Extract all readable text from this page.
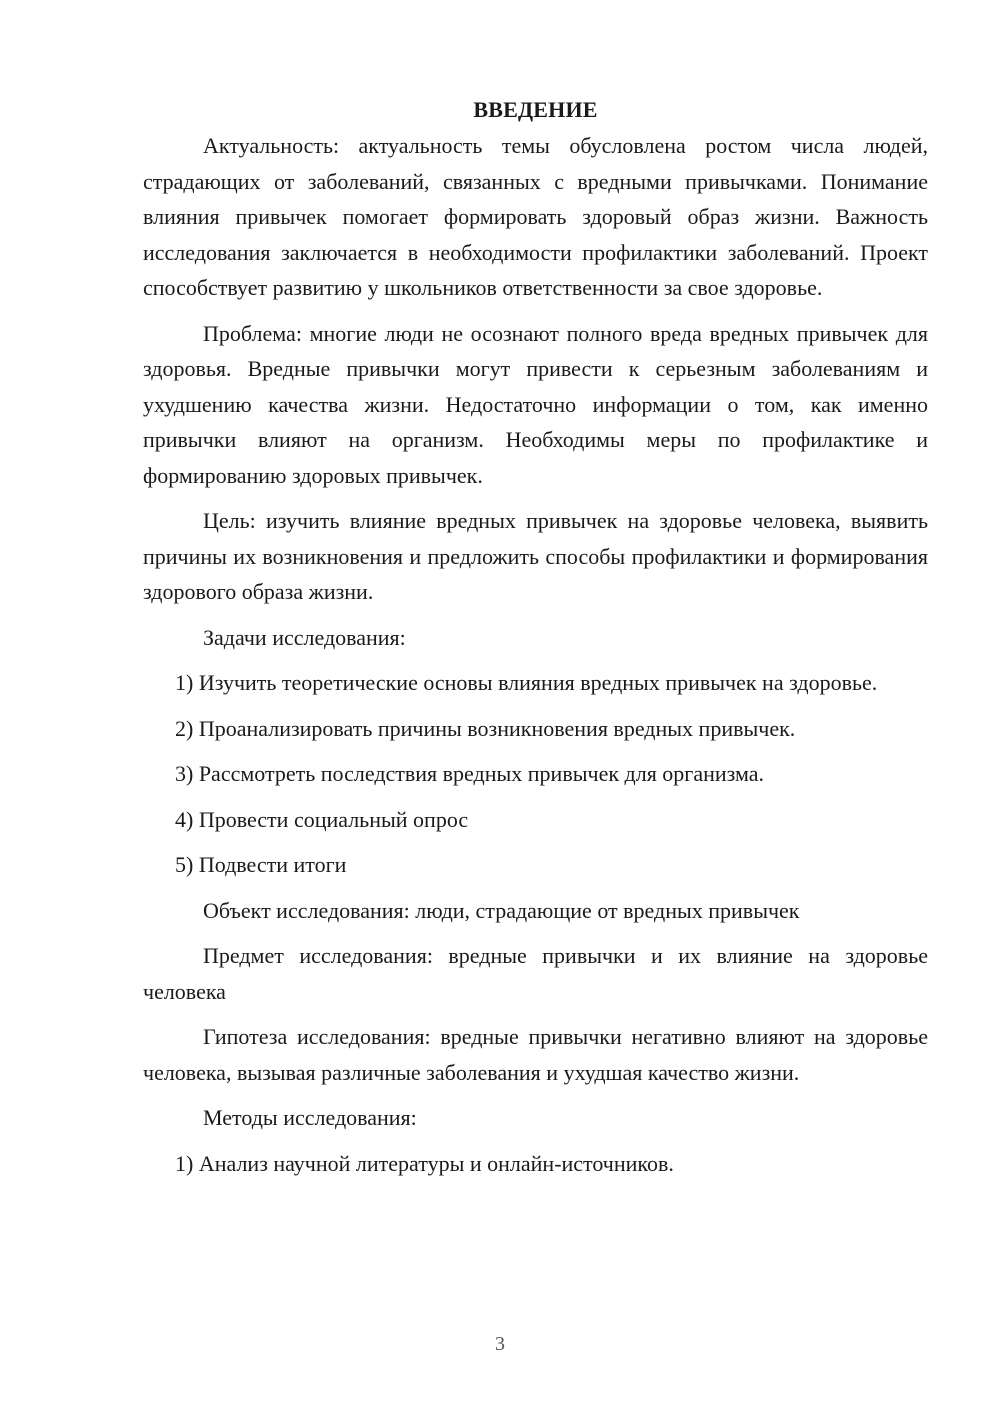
ВВЕДЕНИЕ

Актуальность: актуальность темы обусловлена ростом числа людей, страдающих от заболеваний, связанных с вредными привычками. Понимание влияния привычек помогает формировать здоровый образ жизни. Важность исследования заключается в необходимости профилактики заболеваний. Проект способствует развитию у школьников ответственности за свое здоровье.

Проблема: многие люди не осознают полного вреда вредных привычек для здоровья. Вредные привычки могут привести к серьезным заболеваниям и ухудшению качества жизни. Недостаточно информации о том, как именно привычки влияют на организм. Необходимы меры по профилактике и формированию здоровых привычек.

Цель: изучить влияние вредных привычек на здоровье человека, выявить причины их возникновения и предложить способы профилактики и формирования здорового образа жизни.

Задачи исследования:

1) Изучить теоретические основы влияния вредных привычек на здоровье.

2) Проанализировать причины возникновения вредных привычек.

3) Рассмотреть последствия вредных привычек для организма.

4) Провести социальный опрос

5) Подвести итоги

Объект исследования: люди, страдающие от вредных привычек

Предмет исследования: вредные привычки и их влияние на здоровье человека

Гипотеза исследования: вредные привычки негативно влияют на здоровье человека, вызывая различные заболевания и ухудшая качество жизни.

Методы исследования:

1) Анализ научной литературы и онлайн-источников.

3
